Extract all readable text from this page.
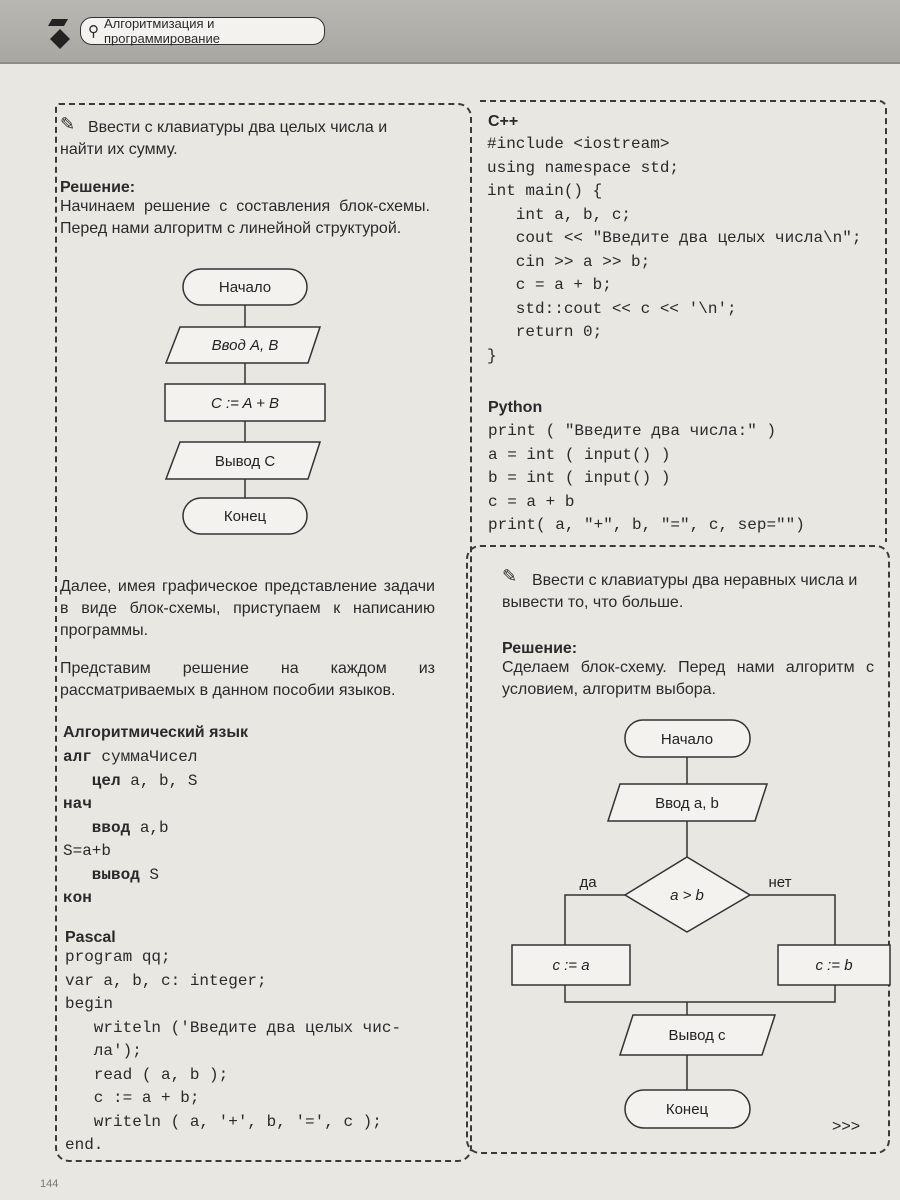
⚲ Алгоритмизация и программирование
✎ Ввести с клавиатуры два целых числа и найти их сумму.
Решение:
Начинаем решение с составления блок-схемы. Перед нами алгоритм с линейной структурой.
Начало
Ввод A, B
C := A + B
Вывод C
Конец
Далее, имея графическое представление задачи в виде блок-схемы, приступаем к написанию программы.
Представим решение на каждом из рассматриваемых в данном пособии языков.
Алгоритмический язык
алг суммаЧисел
цел a, b, S
нач
ввод a,b
S=a+b
вывод S
кон
Pascal
program qq;
var a, b, c: integer;
begin
writeln ('Введите два целых чис-
ла');
read ( a, b );
c := a + b;
writeln ( a, '+', b, '=', c );
end.
C++
#include <iostream>
using namespace std;
int main() {
int a, b, c;
cout << "Введите два целых числа\n";
cin >> a >> b;
c = a + b;
std::cout << c << '\n';
return 0;
}
Python
print ( "Введите два числа:" )
a = int ( input() )
b = int ( input() )
c = a + b
print( a, "+", b, "=", c, sep="")
✎ Ввести с клавиатуры два неравных числа и вывести то, что больше.
Решение:
Сделаем блок-схему. Перед нами алгоритм с условием, алгоритм выбора.
Начало
Ввод a, b
a > b
да	нет
c := a	c := b
Вывод c
Конец
>>>
144
